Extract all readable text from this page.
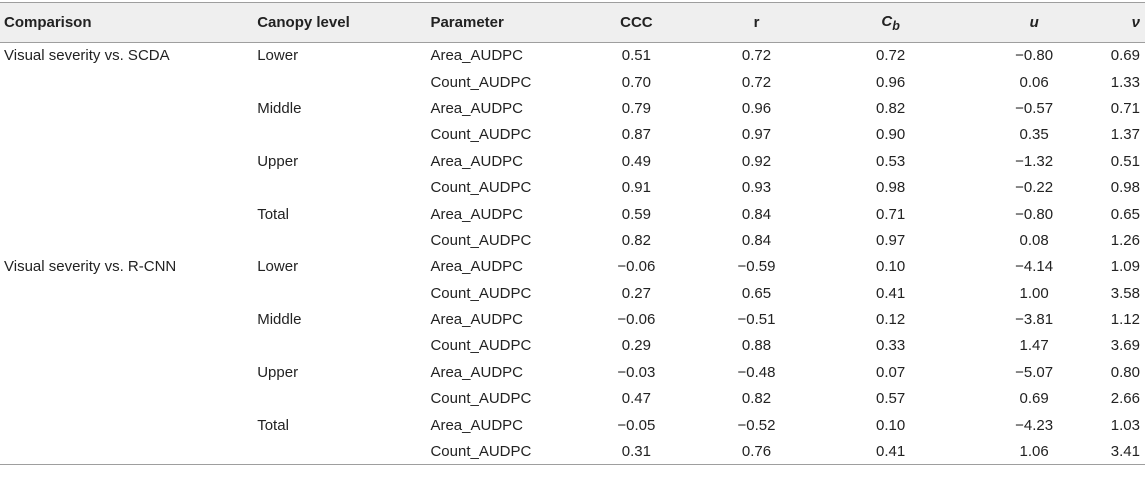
Comparison	Canopy level	Parameter	CCC	r	$C_b$	u	ν
Visual severity vs. SCDA	Lower	Area_AUDPC	0.51	0.72	0.72	−0.80	0.69
		Count_AUDPC	0.70	0.72	0.96	0.06	1.33
	Middle	Area_AUDPC	0.79	0.96	0.82	−0.57	0.71
		Count_AUDPC	0.87	0.97	0.90	0.35	1.37
	Upper	Area_AUDPC	0.49	0.92	0.53	−1.32	0.51
		Count_AUDPC	0.91	0.93	0.98	−0.22	0.98
	Total	Area_AUDPC	0.59	0.84	0.71	−0.80	0.65
		Count_AUDPC	0.82	0.84	0.97	0.08	1.26
Visual severity vs. R-CNN	Lower	Area_AUDPC	−0.06	−0.59	0.10	−4.14	1.09
		Count_AUDPC	0.27	0.65	0.41	1.00	3.58
	Middle	Area_AUDPC	−0.06	−0.51	0.12	−3.81	1.12
		Count_AUDPC	0.29	0.88	0.33	1.47	3.69
	Upper	Area_AUDPC	−0.03	−0.48	0.07	−5.07	0.80
		Count_AUDPC	0.47	0.82	0.57	0.69	2.66
	Total	Area_AUDPC	−0.05	−0.52	0.10	−4.23	1.03
		Count_AUDPC	0.31	0.76	0.41	1.06	3.41
